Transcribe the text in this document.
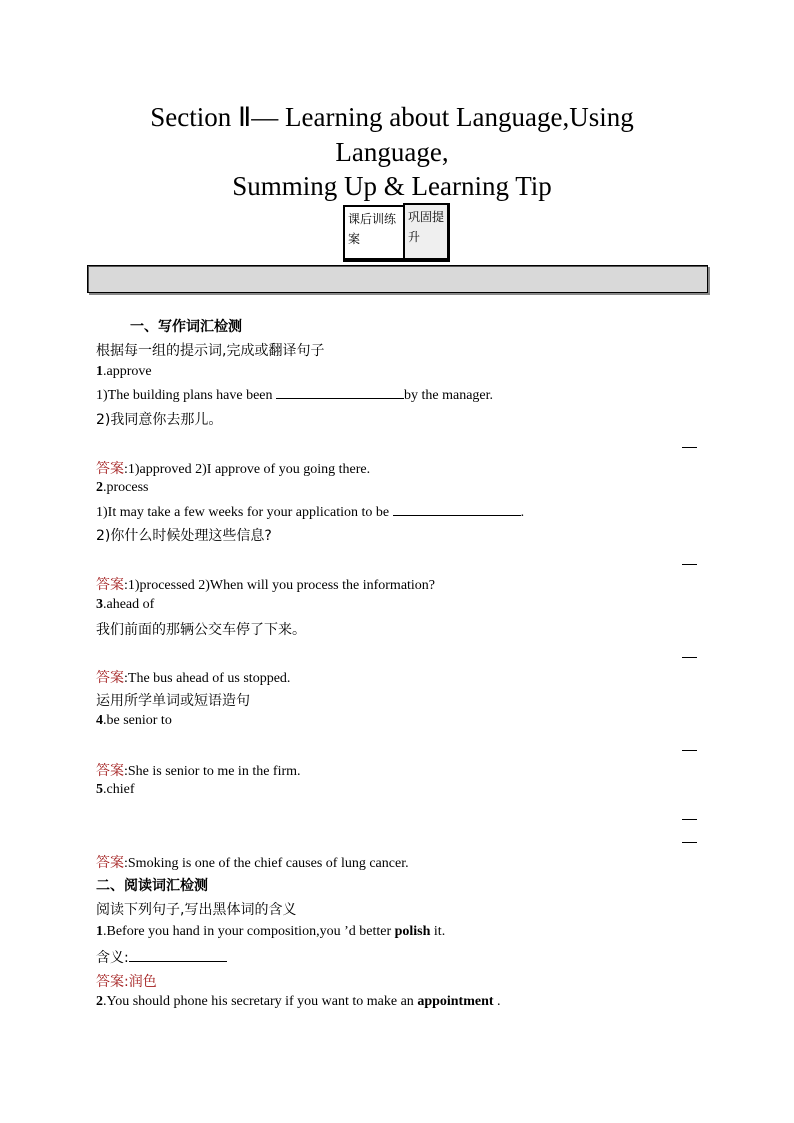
Section Ⅱ— Learning about Language,Using
Language,
Summing Up & Learning Tip
课后训练案
巩固提升
一、写作词汇检测
根据每一组的提示词,完成或翻译句子
1.approve
1)The building plans have been	by the manager.
2)我同意你去那儿。
答案:1)approved 2)I approve of you going there.
2.process
1)It may take a few weeks for your application to be	.
2)你什么时候处理这些信息?
答案:1)processed 2)When will you process the information?
3.ahead of
我们前面的那辆公交车停了下来。
答案:The bus ahead of us stopped.
运用所学单词或短语造句
4.be senior to
答案:She is senior to me in the firm.
5.chief
答案:Smoking is one of the chief causes of lung cancer.
二、阅读词汇检测
阅读下列句子,写出黑体词的含义
1.Before you hand in your composition,you ’d better polish it.
含义:
答案:润色
2.You should phone his secretary if you want to make an appointment .
